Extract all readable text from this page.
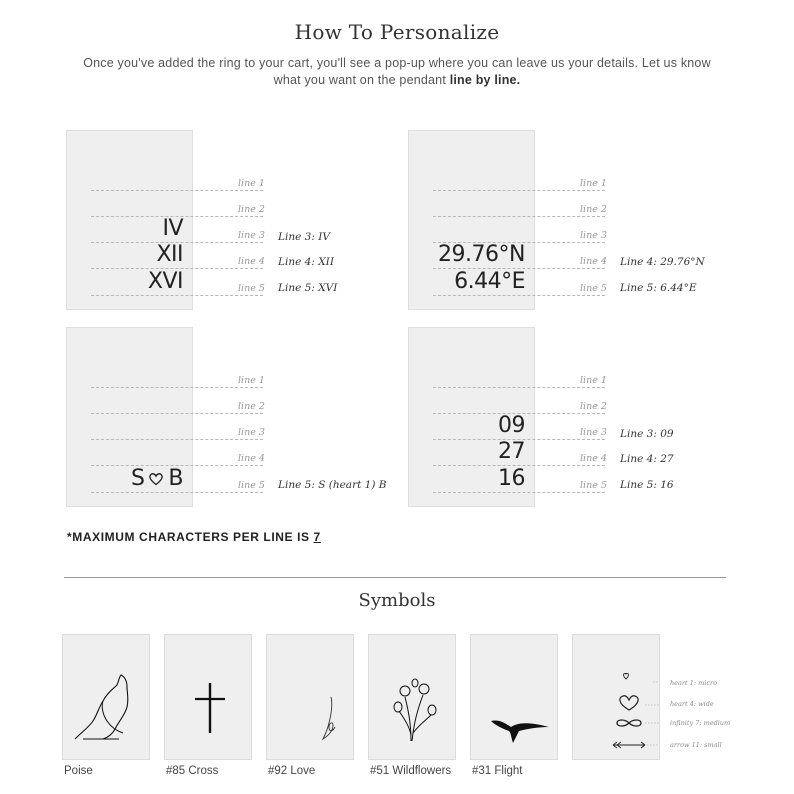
How To Personalize
Once you've added the ring to your cart, you'll see a pop-up where you can leave us your details. Let us know what you want on the pendant line by line.
line 1
line 2
line 3
line 4
line 5
IV
XII
XVI
Line 3: IV
Line 4: XII
Line 5: XVI
line 1
line 2
line 3
line 4
line 5
29.76°N
6.44°E
Line 4: 29.76°N
Line 5: 6.44°E
line 1
line 2
line 3
line 4
line 5
S B	Line 5: S (heart 1) B
line 1
line 2
line 3
line 4
line 5
09
27
16
Line 3: 09
Line 4: 27
Line 5: 16
*MAXIMUM CHARACTERS PER LINE IS 7
Symbols
Poise	#85 Cross	#92 Love	#51 Wildflowers #31 Flight
heart 1: micro
heart 4: wide
infinity 7: medium
arrow 11: small
